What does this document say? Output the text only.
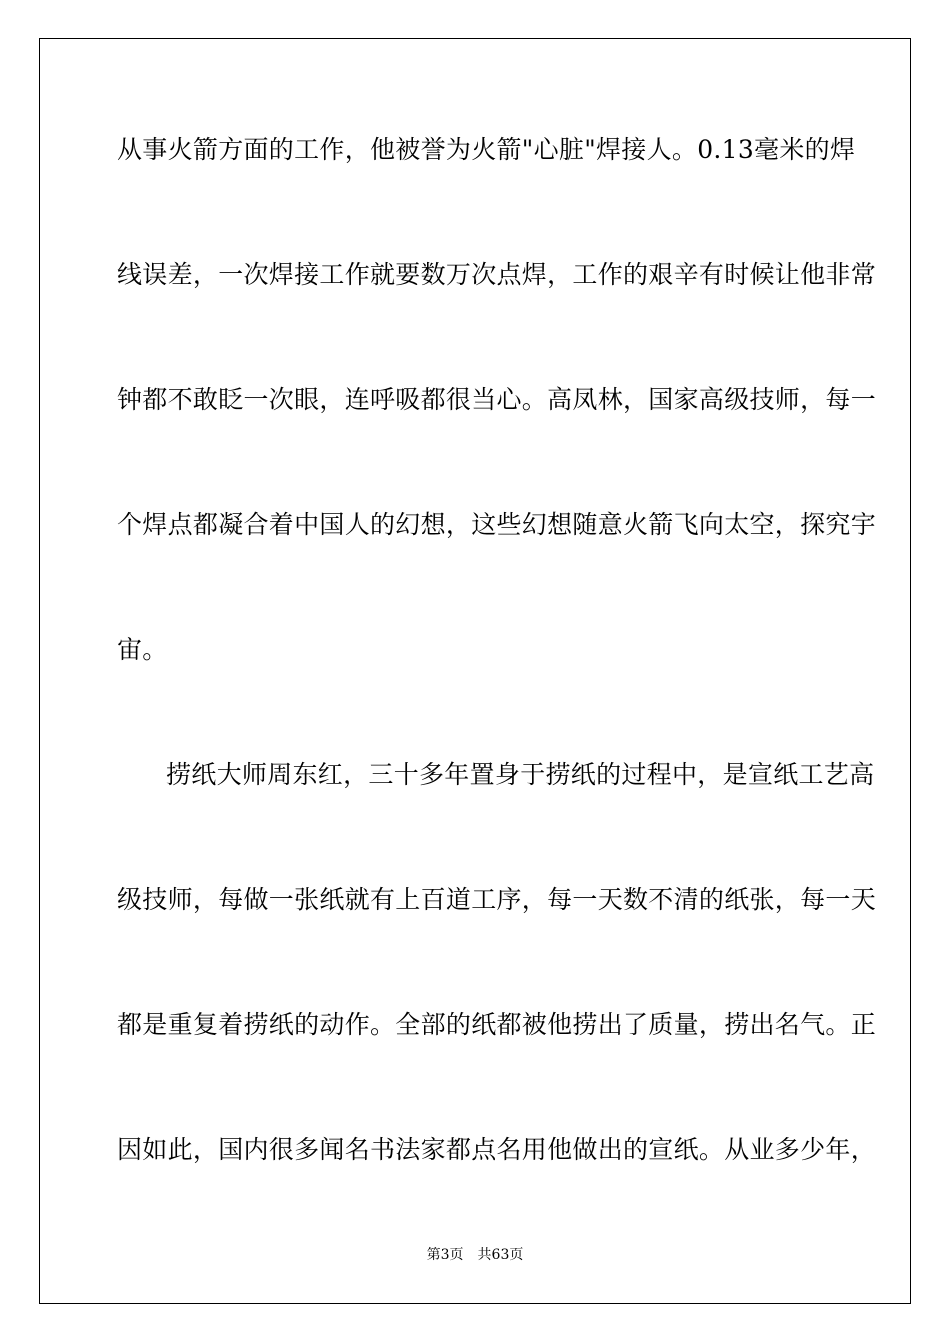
从事火箭方面的工作，他被誉为火箭"心脏"焊接人。0.13毫米的焊
线误差，一次焊接工作就要数万次点焊，工作的艰辛有时候让他非常
钟都不敢眨一次眼，连呼吸都很当心。高凤林，国家高级技师，每一
个焊点都凝合着中国人的幻想，这些幻想随意火箭飞向太空，探究宇
宙。
捞纸大师周东红，三十多年置身于捞纸的过程中，是宣纸工艺高
级技师，每做一张纸就有上百道工序，每一天数不清的纸张，每一天
都是重复着捞纸的动作。全部的纸都被他捞出了质量，捞出名气。正
因如此，国内很多闻名书法家都点名用他做出的宣纸。从业多少年，
第3页 共63页
